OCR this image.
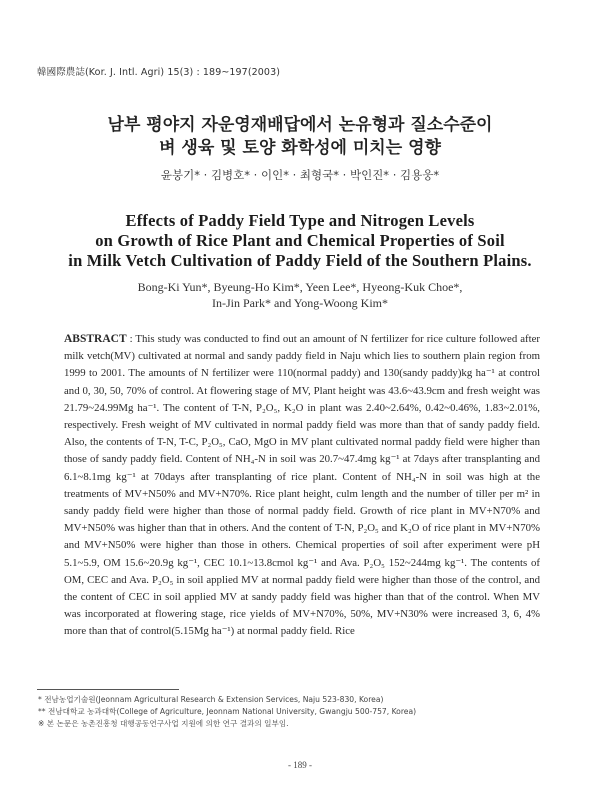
韓國際農誌(Kor. J. Intl. Agri) 15(3) : 189~197(2003)
남부 평야지 자운영재배답에서 논유형과 질소수준이
벼 생육 및 토양 화학성에 미치는 영향
윤붕기* · 김병호* · 이인* · 최형국* · 박인진* · 김용웅*
Effects of Paddy Field Type and Nitrogen Levels
on Growth of Rice Plant and Chemical Properties of Soil
in Milk Vetch Cultivation of Paddy Field of the Southern Plains.
Bong-Ki Yun*, Byeung-Ho Kim*, Yeen Lee*, Hyeong-Kuk Choe*,
In-Jin Park* and Yong-Woong Kim*

ABSTRACT : This study was conducted to find out an amount of N fertilizer for rice culture followed after milk vetch(MV) cultivated at normal and sandy paddy field in Naju which lies to southern plain region from 1999 to 2001. The amounts of N fertilizer were 110(normal paddy) and 130(sandy paddy)kg ha⁻¹ at control and 0, 30, 50, 70% of control. At flowering stage of MV, Plant height was 43.6~43.9cm and fresh weight was 21.79~24.99Mg ha⁻¹. The content of T-N, P₂O₅, K₂O in plant was 2.40~2.64%, 0.42~0.46%, 1.83~2.01%, respectively. Fresh weight of MV cultivated in normal paddy field was more than that of sandy paddy field. Also, the contents of T-N, T-C, P₂O₅, CaO, MgO in MV plant cultivated normal paddy field were higher than those of sandy paddy field. Content of NH₄-N in soil was 20.7~47.4mg kg⁻¹ at 7days after transplanting and 6.1~8.1mg kg⁻¹ at 70days after transplanting of rice plant. Content of NH₄-N in soil was high at the treatments of MV+N50% and MV+N70%. Rice plant height, culm length and the number of tiller per m² in sandy paddy field were higher than those of normal paddy field. Growth of rice plant in MV+N70% and MV+N50% was higher than that in others. And the content of T-N, P₂O₅ and K₂O of rice plant in MV+N70% and MV+N50% were higher than those in others. Chemical properties of soil after experiment were pH 5.1~5.9, OM 15.6~20.9g kg⁻¹, CEC 10.1~13.8cmol kg⁻¹ and Ava. P₂O₅ 152~244mg kg⁻¹. The contents of OM, CEC and Ava. P₂O₅ in soil applied MV at normal paddy field were higher than those of the control, and the content of CEC in soil applied MV at sandy paddy field was higher than that of the control. When MV was incorporated at flowering stage, rice yields of MV+N70%, 50%, MV+N30% were increased 3, 6, 4% more than that of control(5.15Mg ha⁻¹) at normal paddy field. Rice

* 전남농업기술원(Jeonnam Agricultural Research & Extension Services, Naju 523-830, Korea)
** 전남대학교 농과대학(College of Agriculture, Jeonnam National University, Gwangju 500-757, Korea)
※ 본 논문은 농촌진흥청 대행공동연구사업 지원에 의한 연구 결과의 일부임.
- 189 -
